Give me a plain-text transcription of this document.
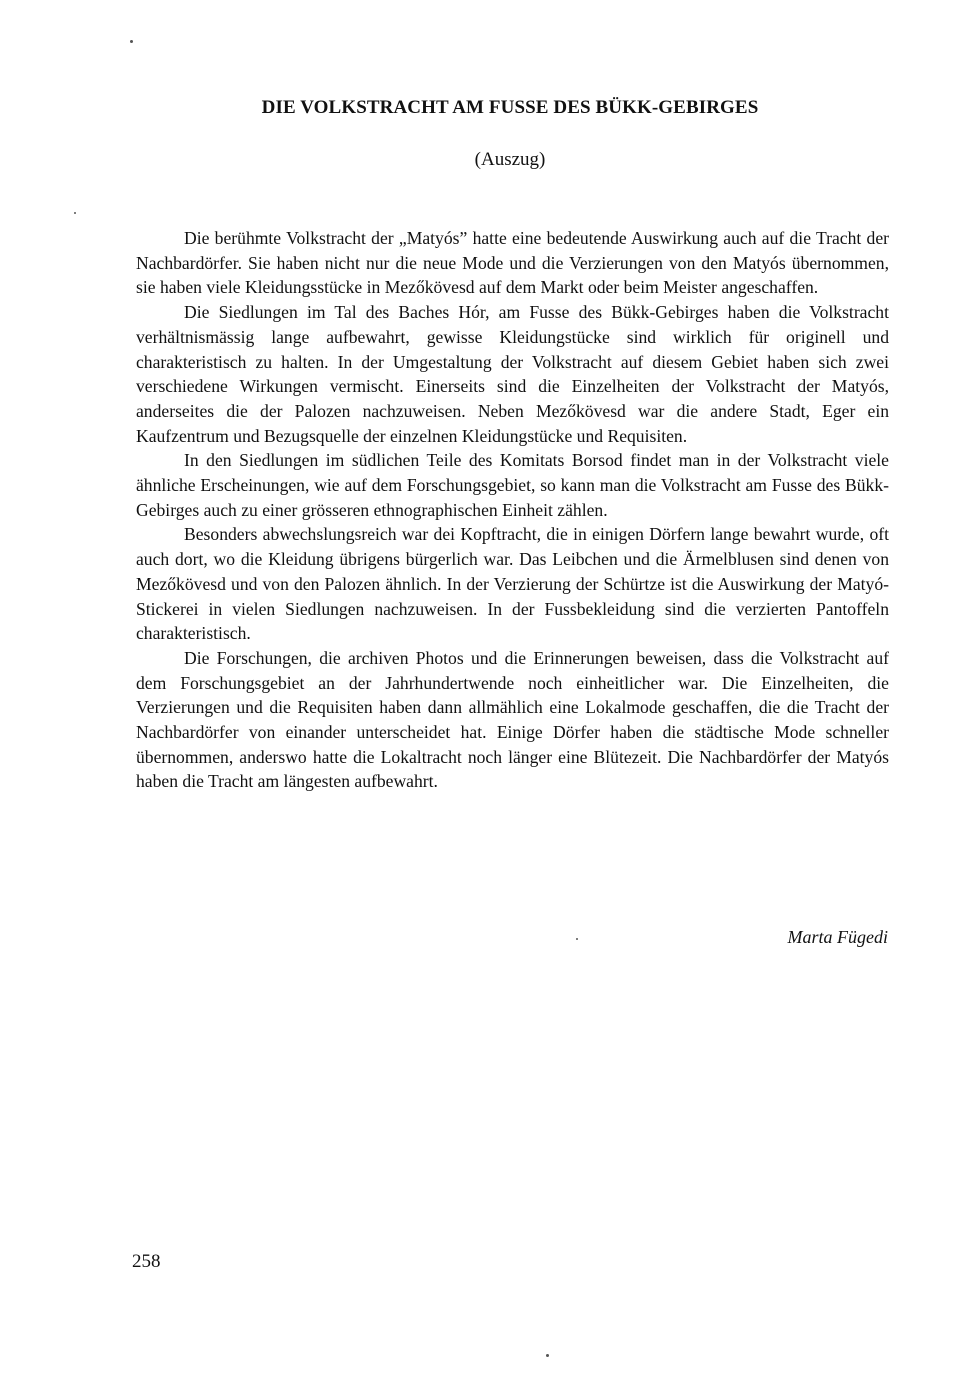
DIE VOLKSTRACHT AM FUSSE DES BÜKK-GEBIRGES

(Auszug)

Die berühmte Volkstracht der „Matyós” hatte eine bedeutende Auswirkung auch auf die Tracht der Nachbardörfer. Sie haben nicht nur die neue Mode und die Verzierungen von den Matyós übernommen, sie haben viele Kleidungsstücke in Mezőkövesd auf dem Markt oder beim Meister angeschaffen.

Die Siedlungen im Tal des Baches Hór, am Fusse des Bükk-Gebirges haben die Volkstracht verhältnismässig lange aufbewahrt, gewisse Kleidungstücke sind wirklich für originell und charakteristisch zu halten. In der Umgestaltung der Volkstracht auf diesem Gebiet haben sich zwei verschiedene Wirkungen vermischt. Einerseits sind die Einzelheiten der Volkstracht der Matyós, anderseites die der Palozen nachzuweisen. Neben Mezőkövesd war die andere Stadt, Eger ein Kaufzentrum und Bezugsquelle der einzelnen Kleidungstücke und Requisiten.

In den Siedlungen im südlichen Teile des Komitats Borsod findet man in der Volkstracht viele ähnliche Erscheinungen, wie auf dem Forschungsgebiet, so kann man die Volkstracht am Fusse des Bükk-Gebirges auch zu einer grösseren ethnographischen Einheit zählen.

Besonders abwechslungsreich war dei Kopftracht, die in einigen Dörfern lange bewahrt wurde, oft auch dort, wo die Kleidung übrigens bürgerlich war. Das Leibchen und die Ärmelblusen sind denen von Mezőkövesd und von den Palozen ähnlich. In der Verzierung der Schürtze ist die Auswirkung der Matyó-Stickerei in vielen Siedlungen nachzuweisen. In der Fussbekleidung sind die verzierten Pantoffeln charakteristisch.

Die Forschungen, die archiven Photos und die Erinnerungen beweisen, dass die Volkstracht auf dem Forschungsgebiet an der Jahrhundertwende noch einheitlicher war. Die Einzelheiten, die Verzierungen und die Requisiten haben dann allmählich eine Lokalmode geschaffen, die die Tracht der Nachbardörfer von einander unterscheidet hat. Einige Dörfer haben die städtische Mode schneller übernommen, anderswo hatte die Lokaltracht noch länger eine Blütezeit. Die Nachbardörfer der Matyós haben die Tracht am längesten aufbewahrt.

Marta Fügedi

258
